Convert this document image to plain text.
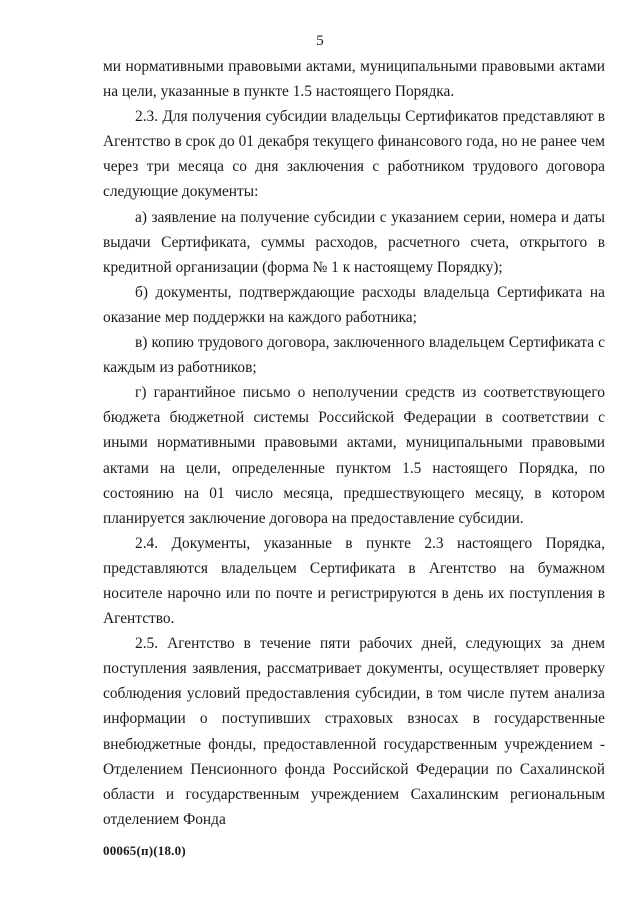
5

ми нормативными правовыми актами, муниципальными правовыми актами на цели, указанные в пункте 1.5 настоящего Порядка.

2.3. Для получения субсидии владельцы Сертификатов представляют в Агентство в срок до 01 декабря текущего финансового года, но не ранее чем через три месяца со дня заключения с работником трудового договора следующие документы:

а) заявление на получение субсидии с указанием серии, номера и даты выдачи Сертификата, суммы расходов, расчетного счета, открытого в кредитной организации (форма № 1 к настоящему Порядку);

б) документы, подтверждающие расходы владельца Сертификата на оказание мер поддержки на каждого работника;

в) копию трудового договора, заключенного владельцем Сертификата с каждым из работников;

г) гарантийное письмо о неполучении средств из соответствующего бюджета бюджетной системы Российской Федерации в соответствии с иными нормативными правовыми актами, муниципальными правовыми актами на цели, определенные пунктом 1.5 настоящего Порядка, по состоянию на 01 число месяца, предшествующего месяцу, в котором планируется заключение договора на предоставление субсидии.

2.4. Документы, указанные в пункте 2.3 настоящего Порядка, представляются владельцем Сертификата в Агентство на бумажном носителе нарочно или по почте и регистрируются в день их поступления в Агентство.

2.5. Агентство в течение пяти рабочих дней, следующих за днем поступления заявления, рассматривает документы, осуществляет проверку соблюдения условий предоставления субсидии, в том числе путем анализа информации о поступивших страховых взносах в государственные внебюджетные фонды, предоставленной государственным учреждением - Отделением Пенсионного фонда Российской Федерации по Сахалинской области и государственным учреждением Сахалинским региональным отделением Фонда

00065(п)(18.0)
